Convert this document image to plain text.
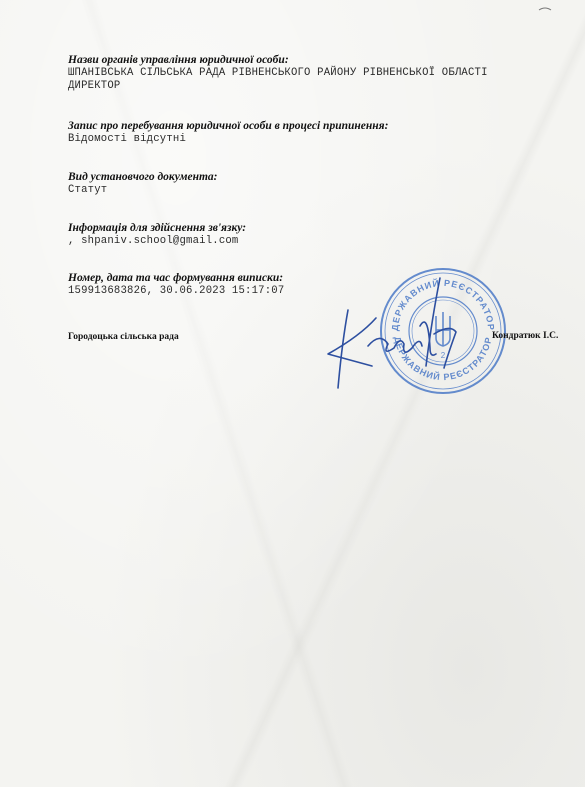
Назви органів управління юридичної особи:
ШПАНІВСЬКА СІЛЬСЬКА РАДА РІВНЕНСЬКОГО РАЙОНУ РІВНЕНСЬКОЇ ОБЛАСТІ
ДИРЕКТОР
Запис про перебування юридичної особи в процесі припинення:
Відомості відсутні
Вид установчого документа:
Статут
Інформація для здійснення зв'язку:
, shpaniv.school@gmail.com
Номер, дата та час формування виписки:
159913683826, 30.06.2023 15:17:07
Городоцька сільська рада
ДЕРЖАВНИЙ РЕЄСТРАТОР
ДЕРЖАВНИЙ РЕЄСТРАТОР
2
Кондратюк І.С.
